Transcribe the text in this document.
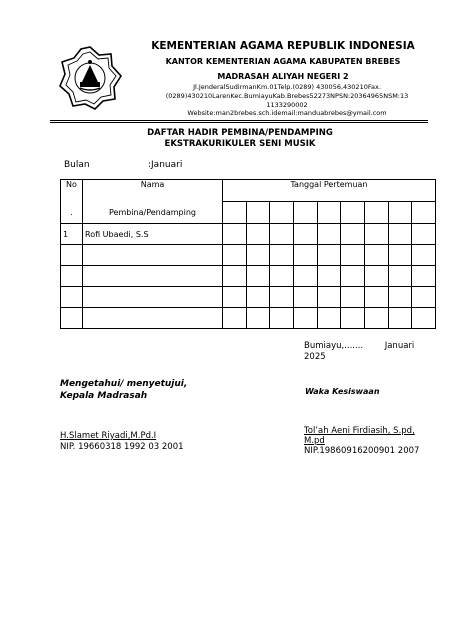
KEMENTERIAN AGAMA REPUBLIK INDONESIA
KANTOR KEMENTERIAN AGAMA KABUPATEN BREBES
MADRASAH ALIYAH NEGERI 2
Jl.JenderalSudirmanKm.01Telp.(0289) 430056,430210Fax.
(0289)430210LarenKec.BumiayuKab.Brebes52273NPSN:20364965NSM:13
1133290002
Website:man2brebes.sch.idemail:manduabrebes@ymail.com
DAFTAR HADIR PEMBINA/PENDAMPING
EKSTRAKURIKULER SENI MUSIK
Bulan	:Januari
No	Nama	Tanggal Pertemuan								
.	Pembina/Pendamping									
1	Rofi Ubaedi, S.S									

Bumiayu,.......        Januari
2025
Mengetahui/ menyetujui,
Kepala Madrasah	Waka Kesiswaan
H.Slamet Riyadi,M.Pd.I
NIP. 19660318 1992 03 2001
Tol’ah Aeni Firdiasih, S.pd,
M.pd
NIP.19860916200901 2007
